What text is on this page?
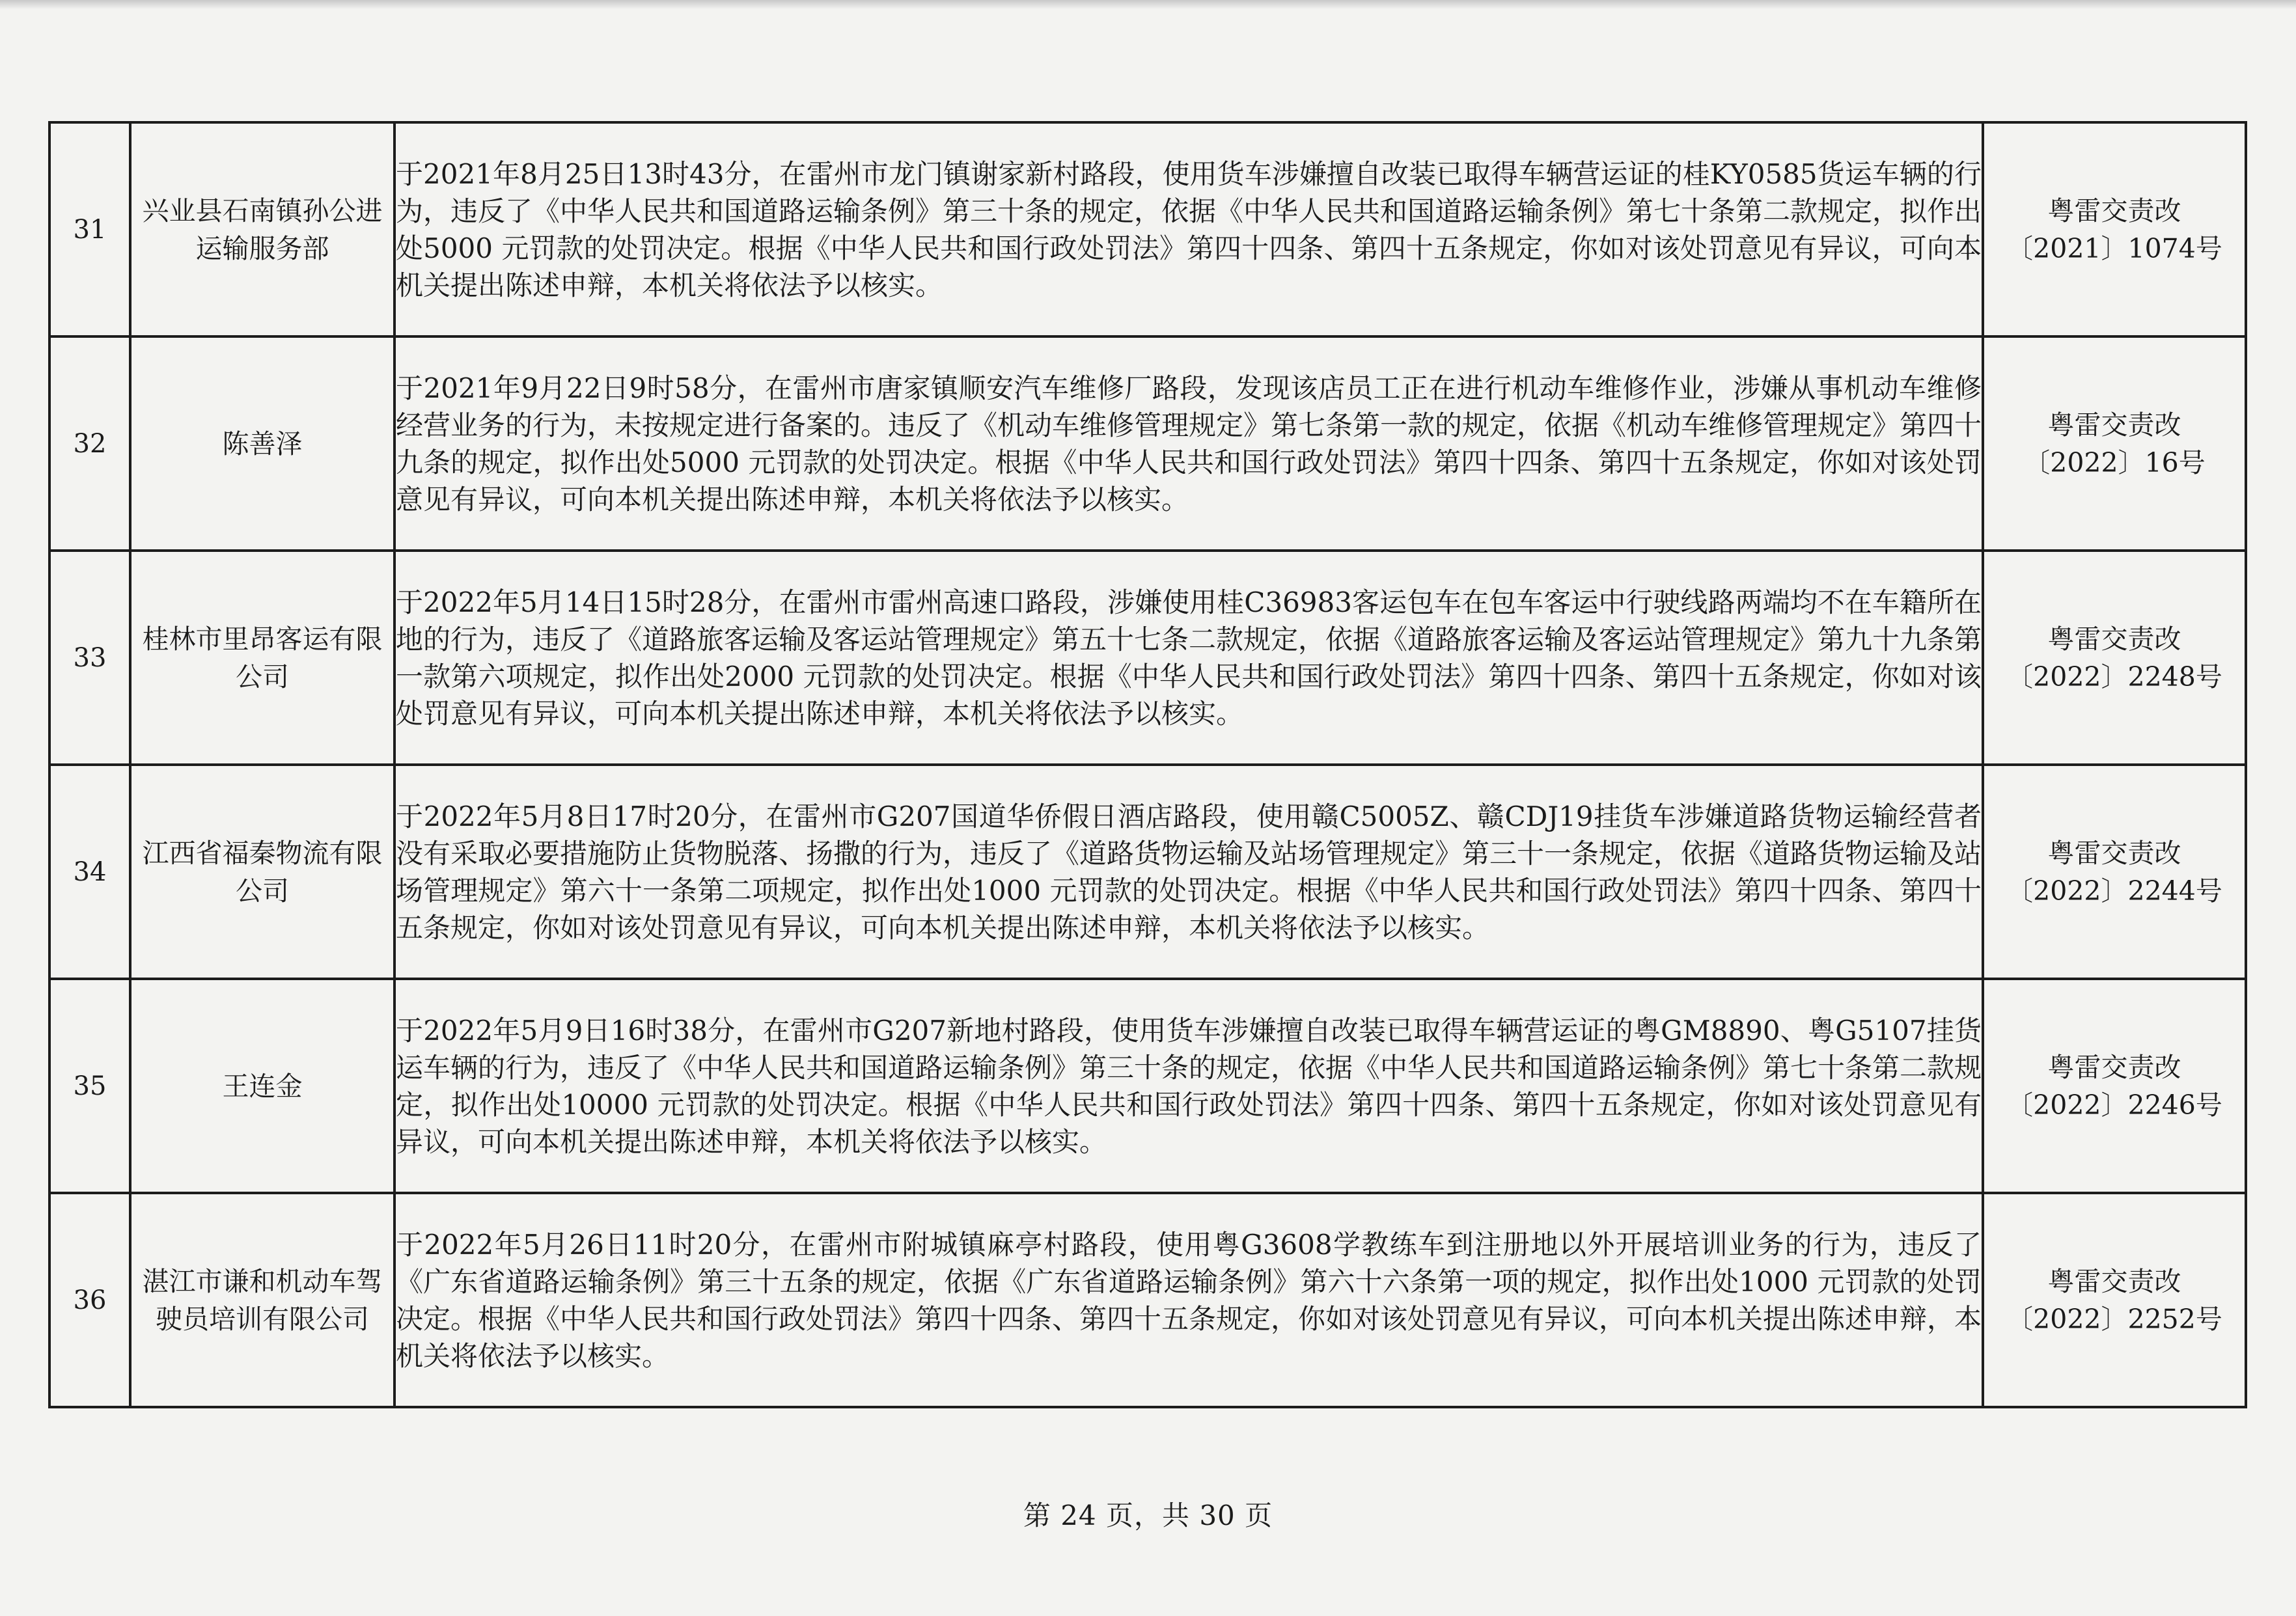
31	兴业县石南镇孙公进运输服务部	于2021年8月25日13时43分，在雷州市龙门镇谢家新村路段，使用货车涉嫌擅自改装已取得车辆营运证的桂KY0585货运车辆的行为，违反了《中华人民共和国道路运输条例》第三十条的规定，依据《中华人民共和国道路运输条例》第七十条第二款规定，拟作出处5000 元罚款的处罚决定。根据《中华人民共和国行政处罚法》第四十四条、第四十五条规定，你如对该处罚意见有异议，可向本机关提出陈述申辩，本机关将依法予以核实。	粤雷交责改
〔2021〕1074号

32	陈善泽	于2021年9月22日9时58分，在雷州市唐家镇顺安汽车维修厂路段，发现该店员工正在进行机动车维修作业，涉嫌从事机动车维修经营业务的行为，未按规定进行备案的。违反了《机动车维修管理规定》第七条第一款的规定，依据《机动车维修管理规定》第四十九条的规定，拟作出处5000 元罚款的处罚决定。根据《中华人民共和国行政处罚法》第四十四条、第四十五条规定，你如对该处罚意见有异议，可向本机关提出陈述申辩，本机关将依法予以核实。	粤雷交责改
〔2022〕16号

33	桂林市里昂客运有限公司	于2022年5月14日15时28分，在雷州市雷州高速口路段，涉嫌使用桂C36983客运包车在包车客运中行驶线路两端均不在车籍所在地的行为，违反了《道路旅客运输及客运站管理规定》第五十七条二款规定，依据《道路旅客运输及客运站管理规定》第九十九条第一款第六项规定，拟作出处2000 元罚款的处罚决定。根据《中华人民共和国行政处罚法》第四十四条、第四十五条规定，你如对该处罚意见有异议，可向本机关提出陈述申辩，本机关将依法予以核实。	粤雷交责改
〔2022〕2248号

34	江西省福秦物流有限公司	于2022年5月8日17时20分，在雷州市G207国道华侨假日酒店路段，使用赣C5005Z、赣CDJ19挂货车涉嫌道路货物运输经营者没有采取必要措施防止货物脱落、扬撒的行为，违反了《道路货物运输及站场管理规定》第三十一条规定，依据《道路货物运输及站场管理规定》第六十一条第二项规定，拟作出处1000 元罚款的处罚决定。根据《中华人民共和国行政处罚法》第四十四条、第四十五条规定，你如对该处罚意见有异议，可向本机关提出陈述申辩，本机关将依法予以核实。	粤雷交责改
〔2022〕2244号

35	王连金	于2022年5月9日16时38分，在雷州市G207新地村路段，使用货车涉嫌擅自改装已取得车辆营运证的粤GM8890、粤G5107挂货运车辆的行为，违反了《中华人民共和国道路运输条例》第三十条的规定，依据《中华人民共和国道路运输条例》第七十条第二款规定，拟作出处10000 元罚款的处罚决定。根据《中华人民共和国行政处罚法》第四十四条、第四十五条规定，你如对该处罚意见有异议，可向本机关提出陈述申辩，本机关将依法予以核实。	粤雷交责改
〔2022〕2246号

36	湛江市谦和机动车驾驶员培训有限公司	于2022年5月26日11时20分，在雷州市附城镇麻亭村路段，使用粤G3608学教练车到注册地以外开展培训业务的行为，违反了《广东省道路运输条例》第三十五条的规定，依据《广东省道路运输条例》第六十六条第一项的规定，拟作出处1000 元罚款的处罚决定。根据《中华人民共和国行政处罚法》第四十四条、第四十五条规定，你如对该处罚意见有异议，可向本机关提出陈述申辩，本机关将依法予以核实。	粤雷交责改
〔2022〕2252号
第 24 页，共 30 页
